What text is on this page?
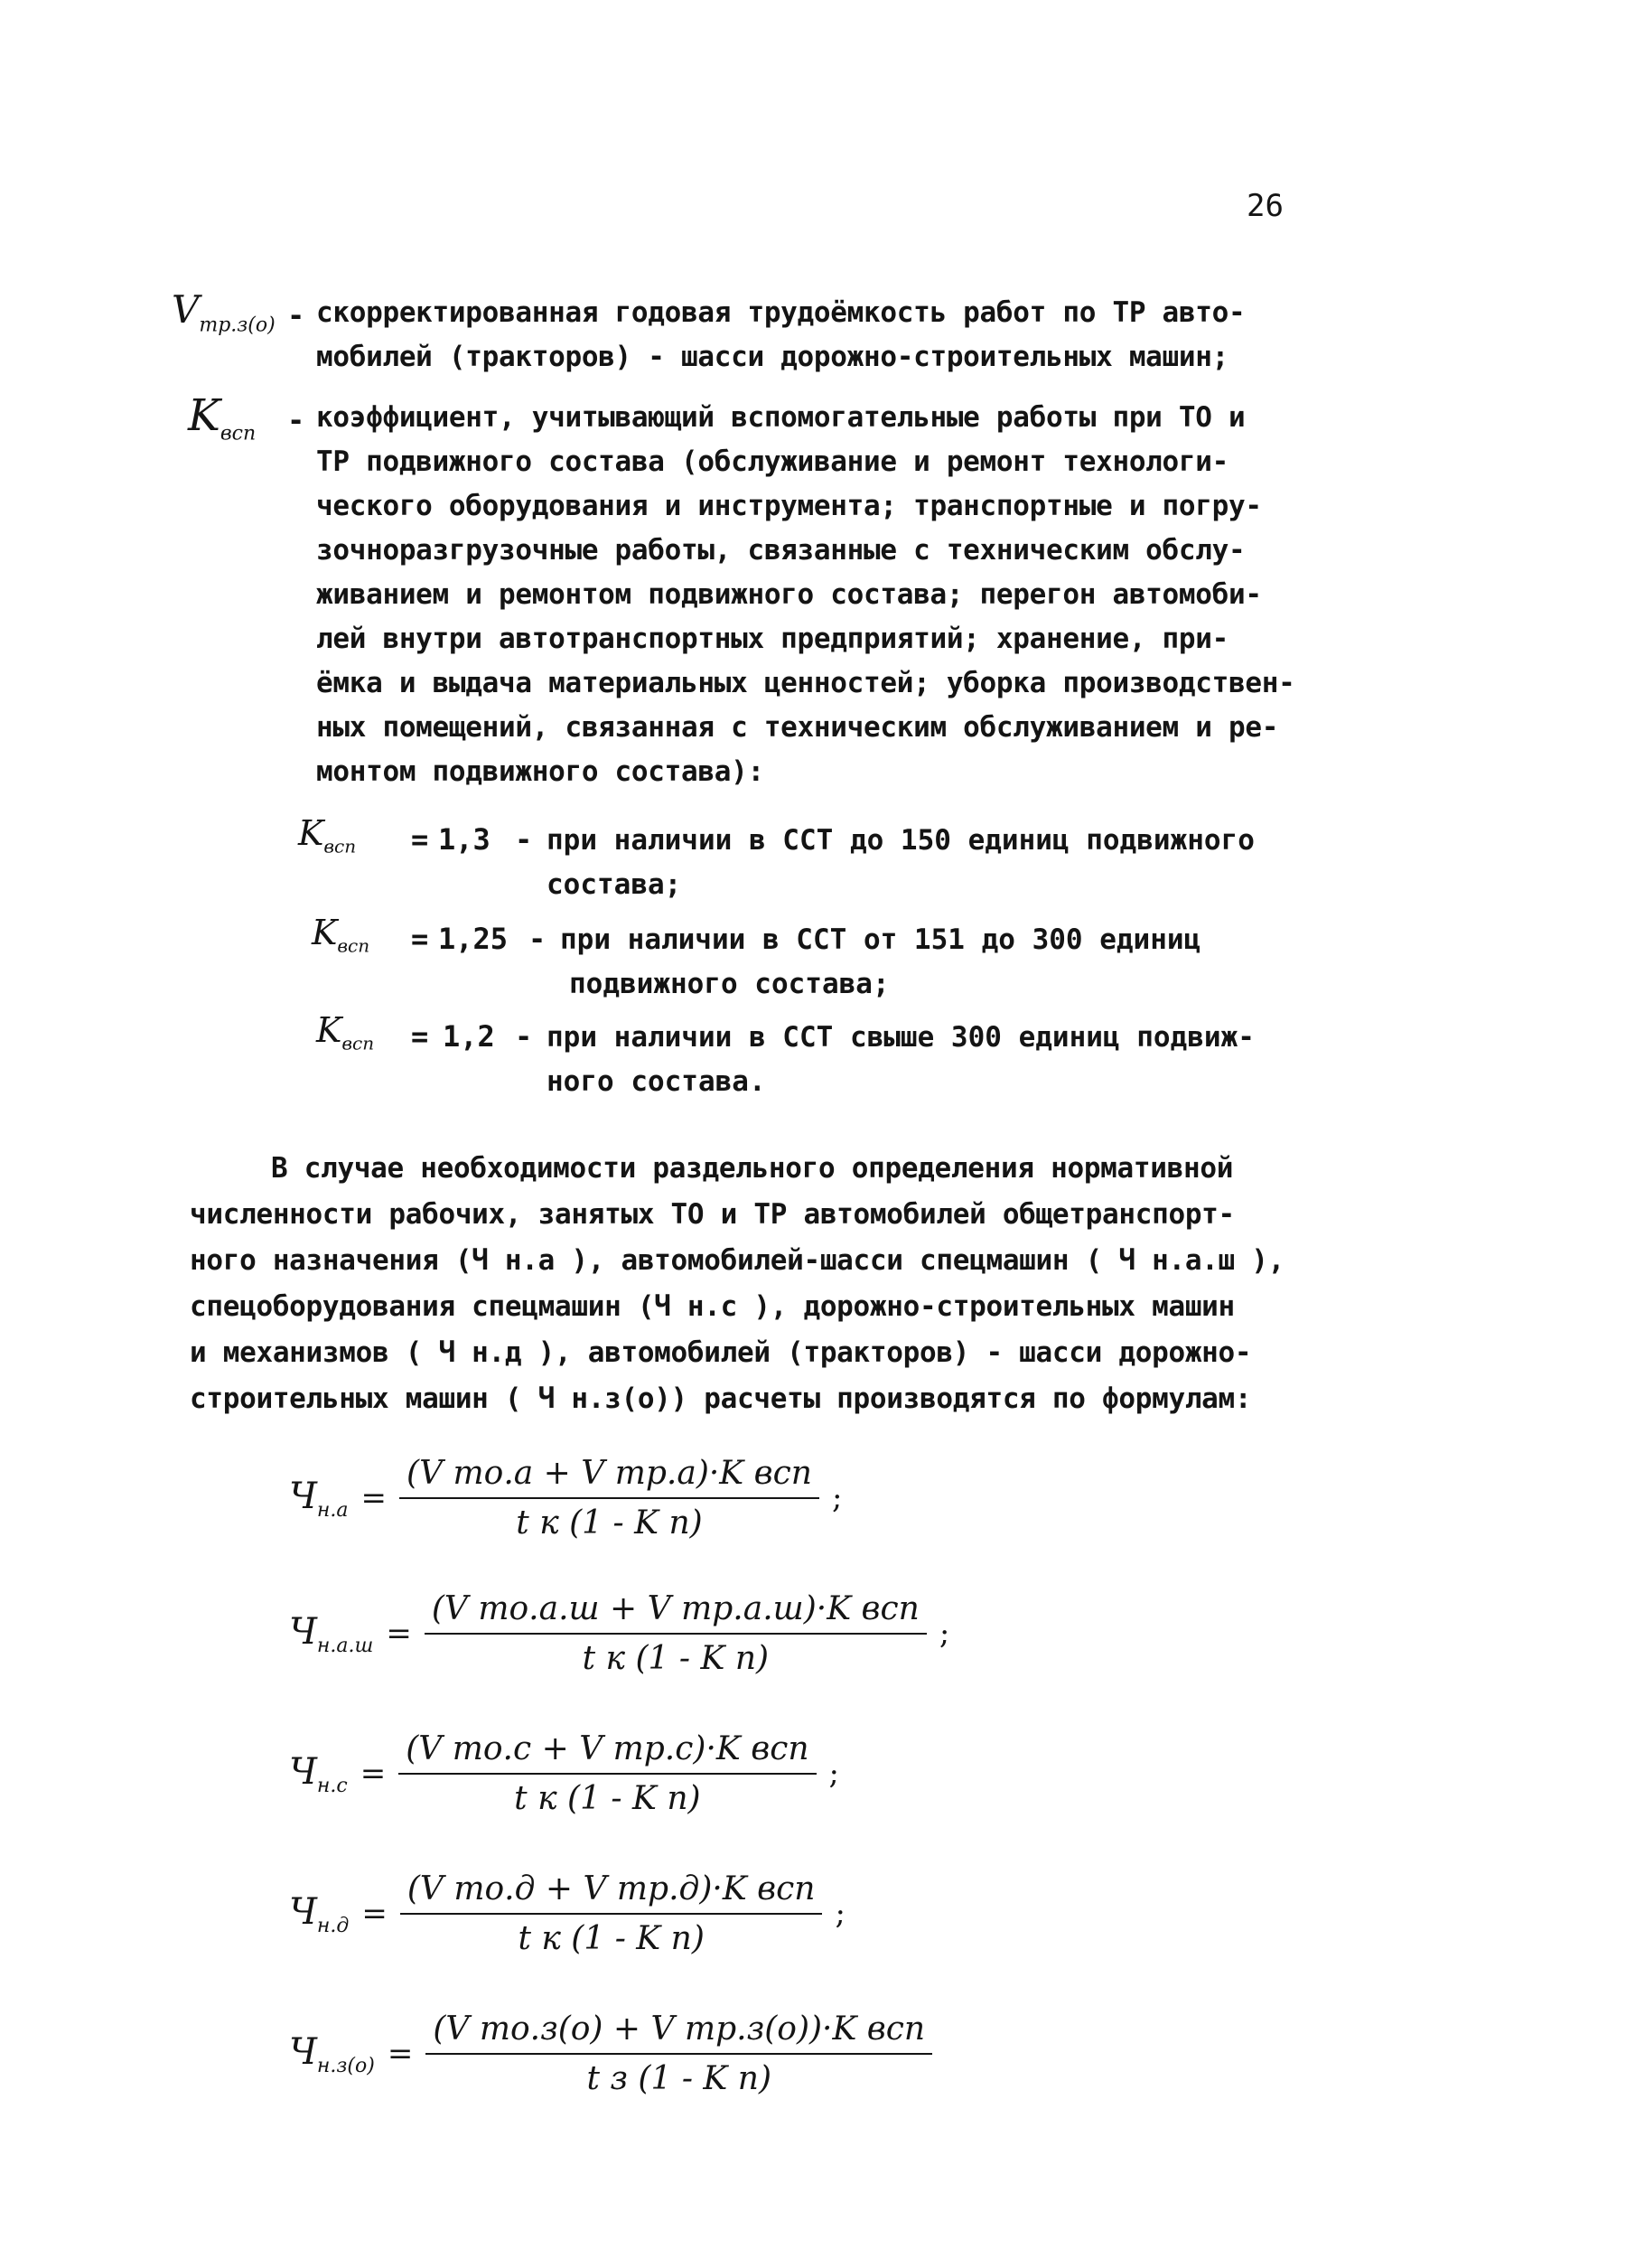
26
$V_{тр.з(о)}$ - скорректированная годовая трудоёмкость работ по ТР авто-
мобилей (тракторов) - шасси дорожно-строительных машин;
$K_{всп}$ - коэффициент, учитывающий вспомогательные работы при ТО и
ТР подвижного состава (обслуживание и ремонт технологи-
ческого оборудования и инструмента; транспортные и погру-
зочноразгрузочные работы, связанные с техническим обслу-
живанием и ремонтом подвижного состава; перегон автомоби-
лей внутри автотранспортных предприятий; хранение, при-
ёмка и выдача материальных ценностей; уборка производствен-
ных помещений, связанная с техническим обслуживанием и ре-
монтом подвижного состава):
$K_{всп} = 1,3$ - при наличии в ССТ до 150 единиц подвижного
состава;
$K_{всп} = 1,25$ - при наличии в ССТ от 151 до 300 единиц
подвижного состава;
$K_{всп} = 1,2$ - при наличии в ССТ свыше 300 единиц подвиж-
ного состава.
В случае необходимости раздельного определения нормативной
численности рабочих, занятых ТО и ТР автомобилей общетранспорт-
ного назначения (Ч н.а ), автомобилей-шасси спецмашин ( Ч н.а.ш ),
спецоборудования спецмашин (Ч н.с ), дорожно-строительных машин
и механизмов ( Ч н.д ), автомобилей (тракторов) - шасси дорожно-
строительных машин ( Ч н.з(о)) расчеты производятся по формулам:
$Ч_{н.а} = \frac{\text{(V то.а + V тр.а)·K всп}}{\text{t к (1 - K п)}}$ ;
$Ч_{н.а.ш} = \frac{\text{(V то.а.ш + V тр.а.ш)·K всп}}{\text{t к (1 - K п)}}$ ;
$Ч_{н.с} = \frac{\text{(V то.с + V тр.с)·K всп}}{\text{t к (1 - K п)}}$ ;
$Ч_{н.д} = \frac{\text{(V то.д + V тр.д)·K всп}}{\text{t к (1 - K п)}}$ ;
$Ч_{н.з(о)} = \frac{\text{(V то.з(о) + V тр.з(о))·K всп}}{\text{t з (1 - K п)}}$
